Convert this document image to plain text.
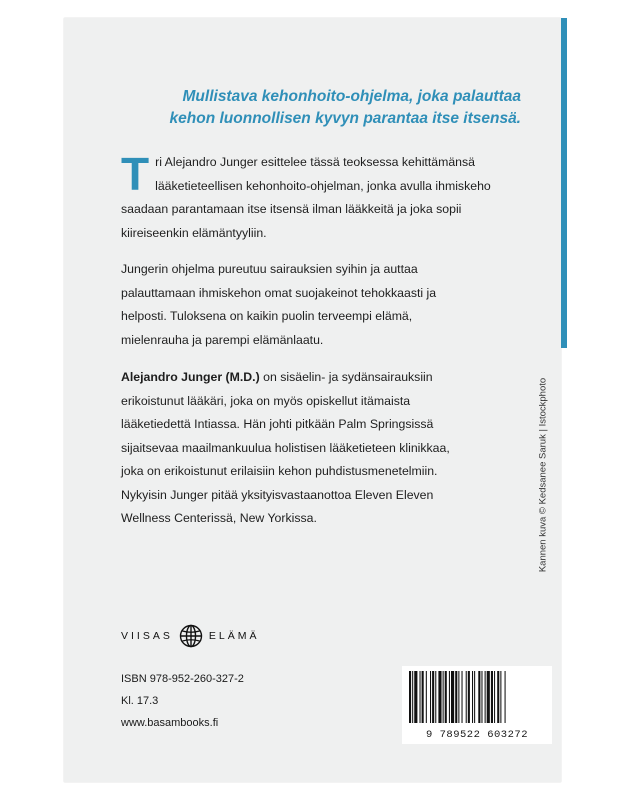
Mullistava kehonhoito-ohjelma, joka palauttaa
kehon luonnollisen kyvyn parantaa itse itsensä.
Tri Alejandro Junger esittelee tässä teoksessa kehittämänsä lääketieteellisen kehonhoito-ohjelman, jonka avulla ihmiskeho saadaan parantamaan itse itsensä ilman lääkkeitä ja joka sopii kiireiseenkin elämäntyyliin.
Jungerin ohjelma pureutuu sairauksien syihin ja auttaa palauttamaan ihmiskehon omat suojakeinot tehokkaasti ja helposti. Tuloksena on kaikin puolin terveempi elämä, mielenrauha ja parempi elämänlaatu.
Alejandro Junger (M.D.) on sisäelin- ja sydänsairauksiin erikoistunut lääkäri, joka on myös opiskellut itämaista lääketiedettä Intiassa. Hän johti pitkään Palm Springsissä sijaitsevaa maailmankuulua holistisen lääketieteen klinikkaa, joka on erikoistunut erilaisiin kehon puhdistusmenetelmiin. Nykyisin Junger pitää yksityisvastaanottoa Eleven Eleven Wellness Centerissä, New Yorkissa.
VIISAS	ELÄMÄ
ISBN 978-952-260-327-2
Kl. 17.3
www.basambooks.fi
9 789522 603272
Kannen kuva © Kedsanee Saruk | Istockphoto
